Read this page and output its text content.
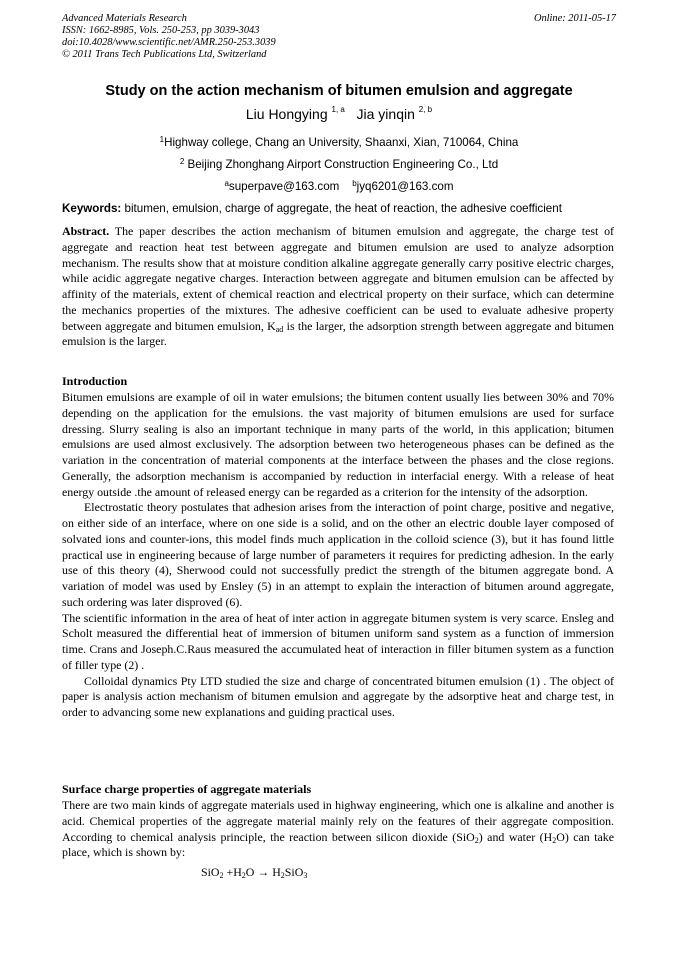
Advanced Materials Research
ISSN: 1662-8985, Vols. 250-253, pp 3039-3043
doi:10.4028/www.scientific.net/AMR.250-253.3039
© 2011 Trans Tech Publications Ltd, Switzerland
Online: 2011-05-17
Study on the action mechanism of bitumen emulsion and aggregate
Liu Hongying $^{1, a}$ Jia yinqin $^{2, b}$
$^1$Highway college, Chang an University, Shaanxi, Xian, 710064, China
$^2$ Beijing Zhonghang Airport Construction Engineering Co., Ltd
$^a$superpave@163.com $^b$jyq6201@163.com
Keywords: bitumen, emulsion, charge of aggregate, the heat of reaction, the adhesive coefficient

Abstract. The paper describes the action mechanism of bitumen emulsion and aggregate, the charge test of aggregate and reaction heat test between aggregate and bitumen emulsion are used to analyze adsorption mechanism. The results show that at moisture condition alkaline aggregate generally carry positive electric charges, while acidic aggregate negative charges. Interaction between aggregate and bitumen emulsion can be affected by affinity of the materials, extent of chemical reaction and electrical property on their surface, which can determine the mechanics properties of the mixtures. The adhesive coefficient can be used to evaluate adhesive property between aggregate and bitumen emulsion, $K_{ad}$ is the larger, the adsorption strength between aggregate and bitumen emulsion is the larger.

Introduction

Bitumen emulsions are example of oil in water emulsions; the bitumen content usually lies between 30% and 70% depending on the application for the emulsions. the vast majority of bitumen emulsions are used for surface dressing. Slurry sealing is also an important technique in many parts of the world, in this application; bitumen emulsions are used almost exclusively. The adsorption between two heterogeneous phases can be defined as the variation in the concentration of material components at the interface between the phases and the close regions. Generally, the adsorption mechanism is accompanied by reduction in interfacial energy. With a release of heat energy outside .the amount of released energy can be regarded as a criterion for the intensity of the adsorption.

Electrostatic theory postulates that adhesion arises from the interaction of point charge, positive and negative, on either side of an interface, where on one side is a solid, and on the other an electric double layer composed of solvated ions and counter-ions, this model finds much application in the colloid science (3), but it has found little practical use in engineering because of large number of parameters it requires for predicting adhesion. In the early use of this theory (4), Sherwood could not successfully predict the strength of the bitumen aggregate bond. A variation of model was used by Ensley (5) in an attempt to explain the interaction of bitumen around aggregate, such ordering was later disproved (6).

The scientific information in the area of heat of inter action in aggregate bitumen system is very scarce. Ensleg and Scholt measured the differential heat of immersion of bitumen uniform sand system as a function of immersion time. Crans and Joseph.C.Raus measured the accumulated heat of interaction in filler bitumen system as a function of filler type (2) .

Colloidal dynamics Pty LTD studied the size and charge of concentrated bitumen emulsion (1) . The object of paper is analysis action mechanism of bitumen emulsion and aggregate by the adsorptive heat and charge test, in order to advancing some new explanations and guiding practical uses.

Surface charge properties of aggregate materials

There are two main kinds of aggregate materials used in highway engineering, which one is alkaline and another is acid. Chemical properties of the aggregate material mainly rely on the features of their aggregate composition. According to chemical analysis principle, the reaction between silicon dioxide (SiO$_2$) and water $(H_2O)$ can take place, which is shown by:

$SiO_2 +H_2O \to H_2SiO_3$
